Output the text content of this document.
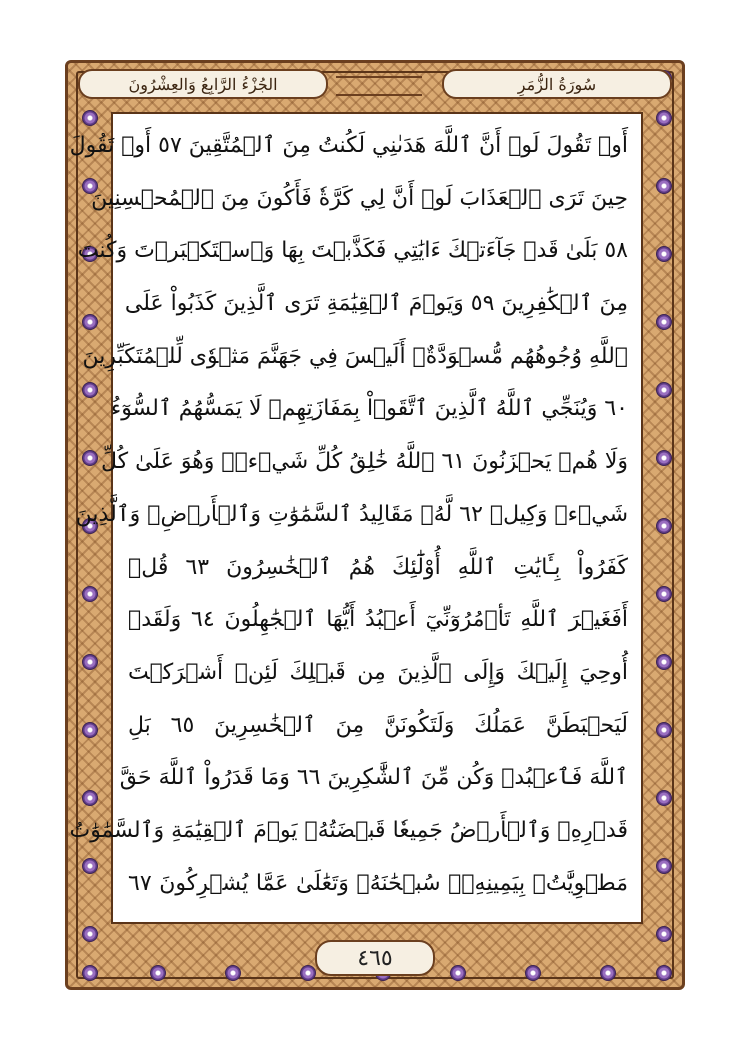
الجُزْءُ الرَّابِعُ وَالعِشْرُونَ	سُورَةُ الزُّمَرِ
أَوۡ تَقُولَ لَوۡ أَنَّ ٱللَّهَ هَدَىٰنِي لَكُنتُ مِنَ ٱلۡمُتَّقِينَ ٥٧ أَوۡ تَقُولَ
حِينَ تَرَى ٱلۡعَذَابَ لَوۡ أَنَّ لِي كَرَّةٗ فَأَكُونَ مِنَ ٱلۡمُحۡسِنِينَ
٥٨ بَلَىٰ قَدۡ جَآءَتۡكَ ءَايَٰتِي فَكَذَّبۡتَ بِهَا وَٱسۡتَكۡبَرۡتَ وَكُنتَ
مِنَ ٱلۡكَٰفِرِينَ ٥٩ وَيَوۡمَ ٱلۡقِيَٰمَةِ تَرَى ٱلَّذِينَ كَذَبُواْ عَلَى
ٱللَّهِ وُجُوهُهُم مُّسۡوَدَّةٌۚ أَلَيۡسَ فِي جَهَنَّمَ مَثۡوٗى لِّلۡمُتَكَبِّرِينَ
٦٠ وَيُنَجِّي ٱللَّهُ ٱلَّذِينَ ٱتَّقَوۡاْ بِمَفَازَتِهِمۡ لَا يَمَسُّهُمُ ٱلسُّوٓءُ
وَلَا هُمۡ يَحۡزَنُونَ ٦١ ٱللَّهُ خَٰلِقُ كُلِّ شَيۡءٖۖ وَهُوَ عَلَىٰ كُلِّ
شَيۡءٖ وَكِيلٞ ٦٢ لَّهُۥ مَقَالِيدُ ٱلسَّمَٰوَٰتِ وَٱلۡأَرۡضِۗ وَٱلَّذِينَ
كَفَرُواْ بِـَٔايَٰتِ ٱللَّهِ أُوْلَٰٓئِكَ هُمُ ٱلۡخَٰسِرُونَ ٦٣ قُلۡ
أَفَغَيۡرَ ٱللَّهِ تَأۡمُرُوٓنِّيٓ أَعۡبُدُ أَيُّهَا ٱلۡجَٰهِلُونَ ٦٤ وَلَقَدۡ
أُوحِيَ إِلَيۡكَ وَإِلَى ٱلَّذِينَ مِن قَبۡلِكَ لَئِنۡ أَشۡرَكۡتَ
لَيَحۡبَطَنَّ عَمَلُكَ وَلَتَكُونَنَّ مِنَ ٱلۡخَٰسِرِينَ ٦٥ بَلِ
ٱللَّهَ فَٱعۡبُدۡ وَكُن مِّنَ ٱلشَّٰكِرِينَ ٦٦ وَمَا قَدَرُواْ ٱللَّهَ حَقَّ
قَدۡرِهِۦ وَٱلۡأَرۡضُ جَمِيعٗا قَبۡضَتُهُۥ يَوۡمَ ٱلۡقِيَٰمَةِ وَٱلسَّمَٰوَٰتُ
مَطۡوِيَّٰتُۢ بِيَمِينِهِۦۚ سُبۡحَٰنَهُۥ وَتَعَٰلَىٰ عَمَّا يُشۡرِكُونَ ٦٧
٤٦٥
